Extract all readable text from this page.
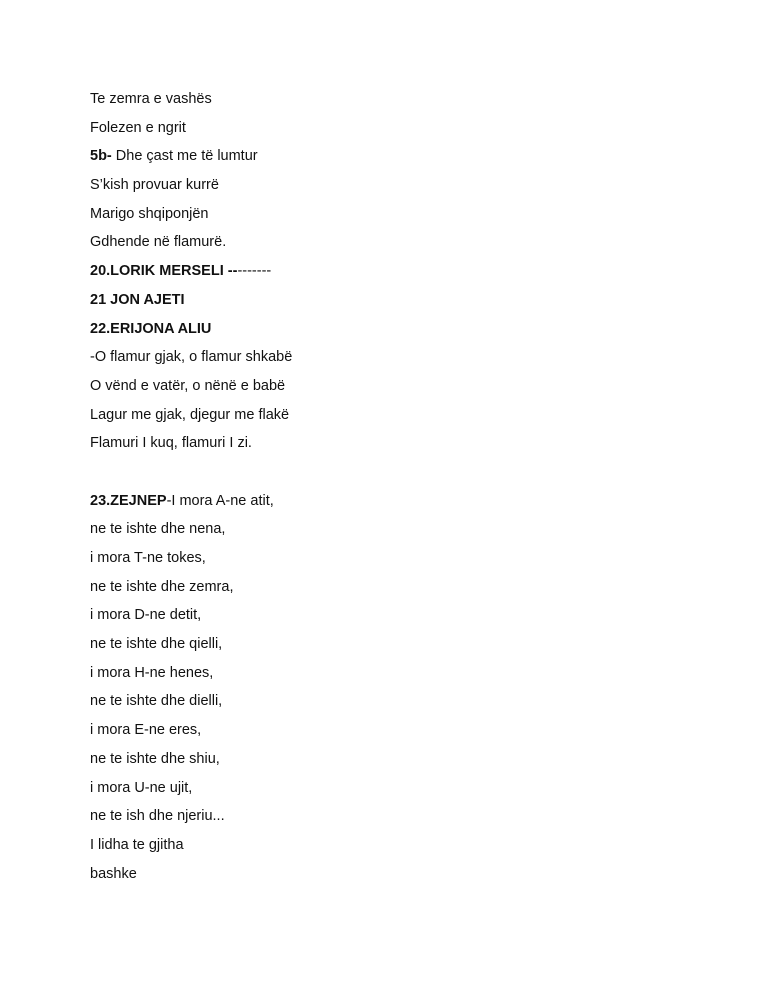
Te zemra e vashës
Folezen e ngrit
5b- Dhe çast me të lumtur
S’kish provuar kurrë
Marigo shqiponjën
Gdhende në flamurë.
20.LORIK MERSELI ---------
21 JON AJETI
22.ERIJONA ALIU
-O flamur gjak, o flamur shkabë
O vënd e vatër, o nënë e babë
Lagur me gjak, djegur me flakë
Flamuri I kuq, flamuri I zi.
23.ZEJNEP-I mora A-ne atit,
ne te ishte dhe nena,
i mora T-ne tokes,
ne te ishte dhe zemra,
i mora D-ne detit,
ne te ishte dhe qielli,
i mora H-ne henes,
ne te ishte dhe dielli,
i mora E-ne eres,
ne te ishte dhe shiu,
i mora U-ne ujit,
ne te ish dhe njeriu...
I lidha te gjitha
bashke
